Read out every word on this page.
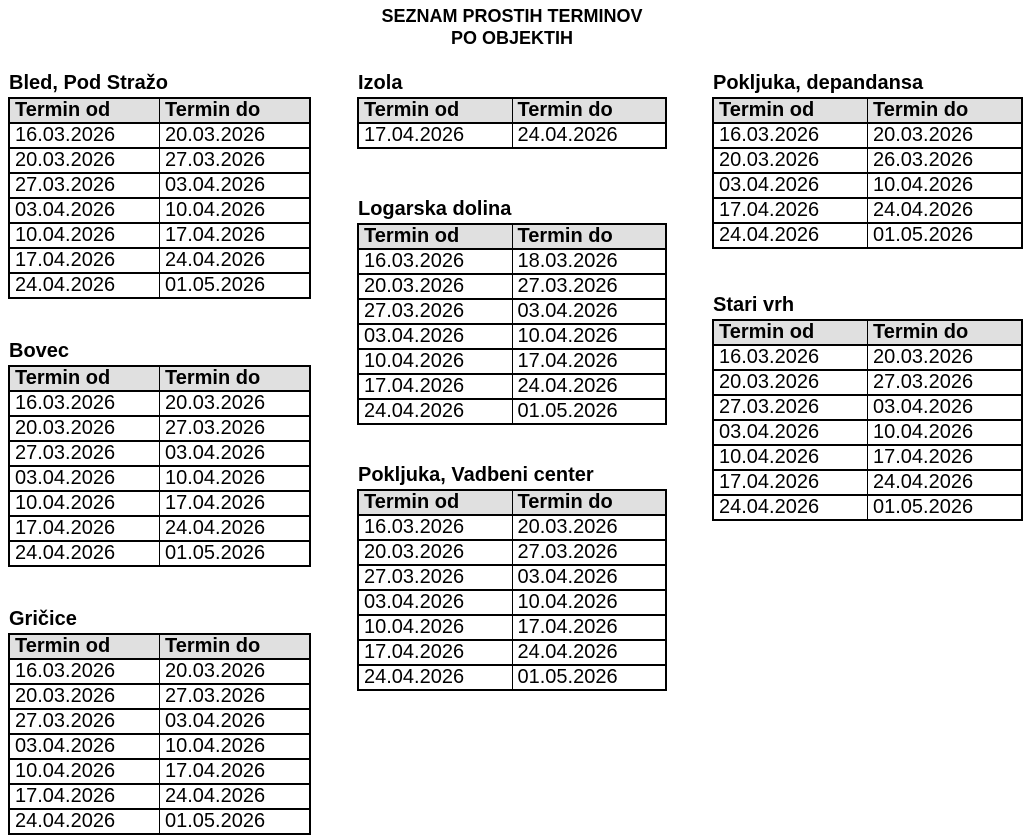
SEZNAM PROSTIH TERMINOV
PO OBJEKTIH
Bled, Pod Stražo
Termin od	Termin do
16.03.2026	20.03.2026
20.03.2026	27.03.2026
27.03.2026	03.04.2026
03.04.2026	10.04.2026
10.04.2026	17.04.2026
17.04.2026	24.04.2026
24.04.2026	01.05.2026
Bovec
Termin od	Termin do
16.03.2026	20.03.2026
20.03.2026	27.03.2026
27.03.2026	03.04.2026
03.04.2026	10.04.2026
10.04.2026	17.04.2026
17.04.2026	24.04.2026
24.04.2026	01.05.2026
Gričice
Termin od	Termin do
16.03.2026	20.03.2026
20.03.2026	27.03.2026
27.03.2026	03.04.2026
03.04.2026	10.04.2026
10.04.2026	17.04.2026
17.04.2026	24.04.2026
24.04.2026	01.05.2026
Izola
Termin od	Termin do
17.04.2026	24.04.2026
Logarska dolina
Termin od	Termin do
16.03.2026	18.03.2026
20.03.2026	27.03.2026
27.03.2026	03.04.2026
03.04.2026	10.04.2026
10.04.2026	17.04.2026
17.04.2026	24.04.2026
24.04.2026	01.05.2026
Pokljuka, Vadbeni center
Termin od	Termin do
16.03.2026	20.03.2026
20.03.2026	27.03.2026
27.03.2026	03.04.2026
03.04.2026	10.04.2026
10.04.2026	17.04.2026
17.04.2026	24.04.2026
24.04.2026	01.05.2026
Pokljuka, depandansa
Termin od	Termin do
16.03.2026	20.03.2026
20.03.2026	26.03.2026
03.04.2026	10.04.2026
17.04.2026	24.04.2026
24.04.2026	01.05.2026
Stari vrh
Termin od	Termin do
16.03.2026	20.03.2026
20.03.2026	27.03.2026
27.03.2026	03.04.2026
03.04.2026	10.04.2026
10.04.2026	17.04.2026
17.04.2026	24.04.2026
24.04.2026	01.05.2026
